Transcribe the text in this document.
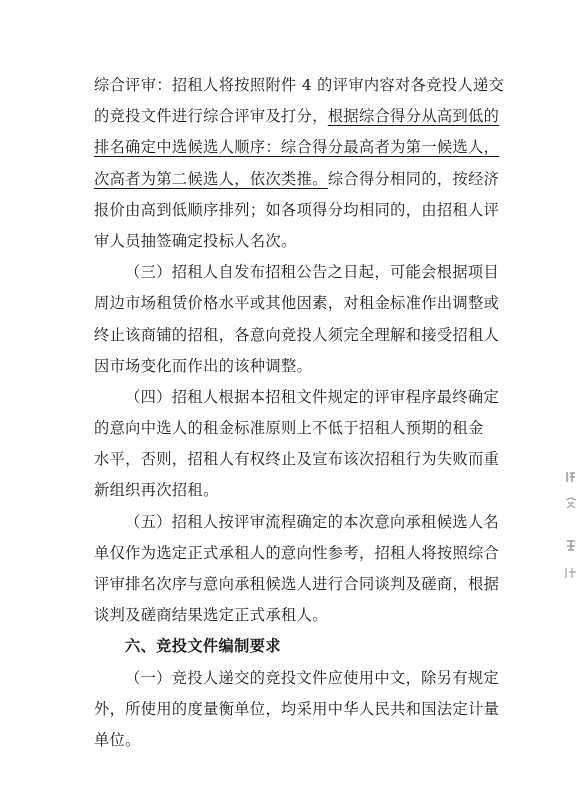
综合评审：招租人将按照附件 4 的评审内容对各竞投人递交
的竞投文件进行综合评审及打分，根据综合得分从高到低的
排名确定中选候选人顺序：综合得分最高者为第一候选人，
次高者为第二候选人，依次类推。综合得分相同的，按经济
报价由高到低顺序排列；如各项得分均相同的，由招租人评
审人员抽签确定投标人名次。
（三）招租人自发布招租公告之日起，可能会根据项目
周边市场租赁价格水平或其他因素，对租金标准作出调整或
终止该商铺的招租，各意向竞投人须完全理解和接受招租人
因市场变化而作出的该种调整。
（四）招租人根据本招租文件规定的评审程序最终确定
的意向中选人的租金标准原则上不低于招租人预期的租金
水平，否则，招租人有权终止及宣布该次招租行为失败而重
新组织再次招租。
（五）招租人按评审流程确定的本次意向承租候选人名
单仅作为选定正式承租人的意向性参考，招租人将按照综合
评审排名次序与意向承租候选人进行合同谈判及磋商，根据
谈判及磋商结果选定正式承租人。
六、竞投文件编制要求
（一）竞投人递交的竞投文件应使用中文，除另有规定
外，所使用的度量衡单位，均采用中华人民共和国法定计量
单位。
